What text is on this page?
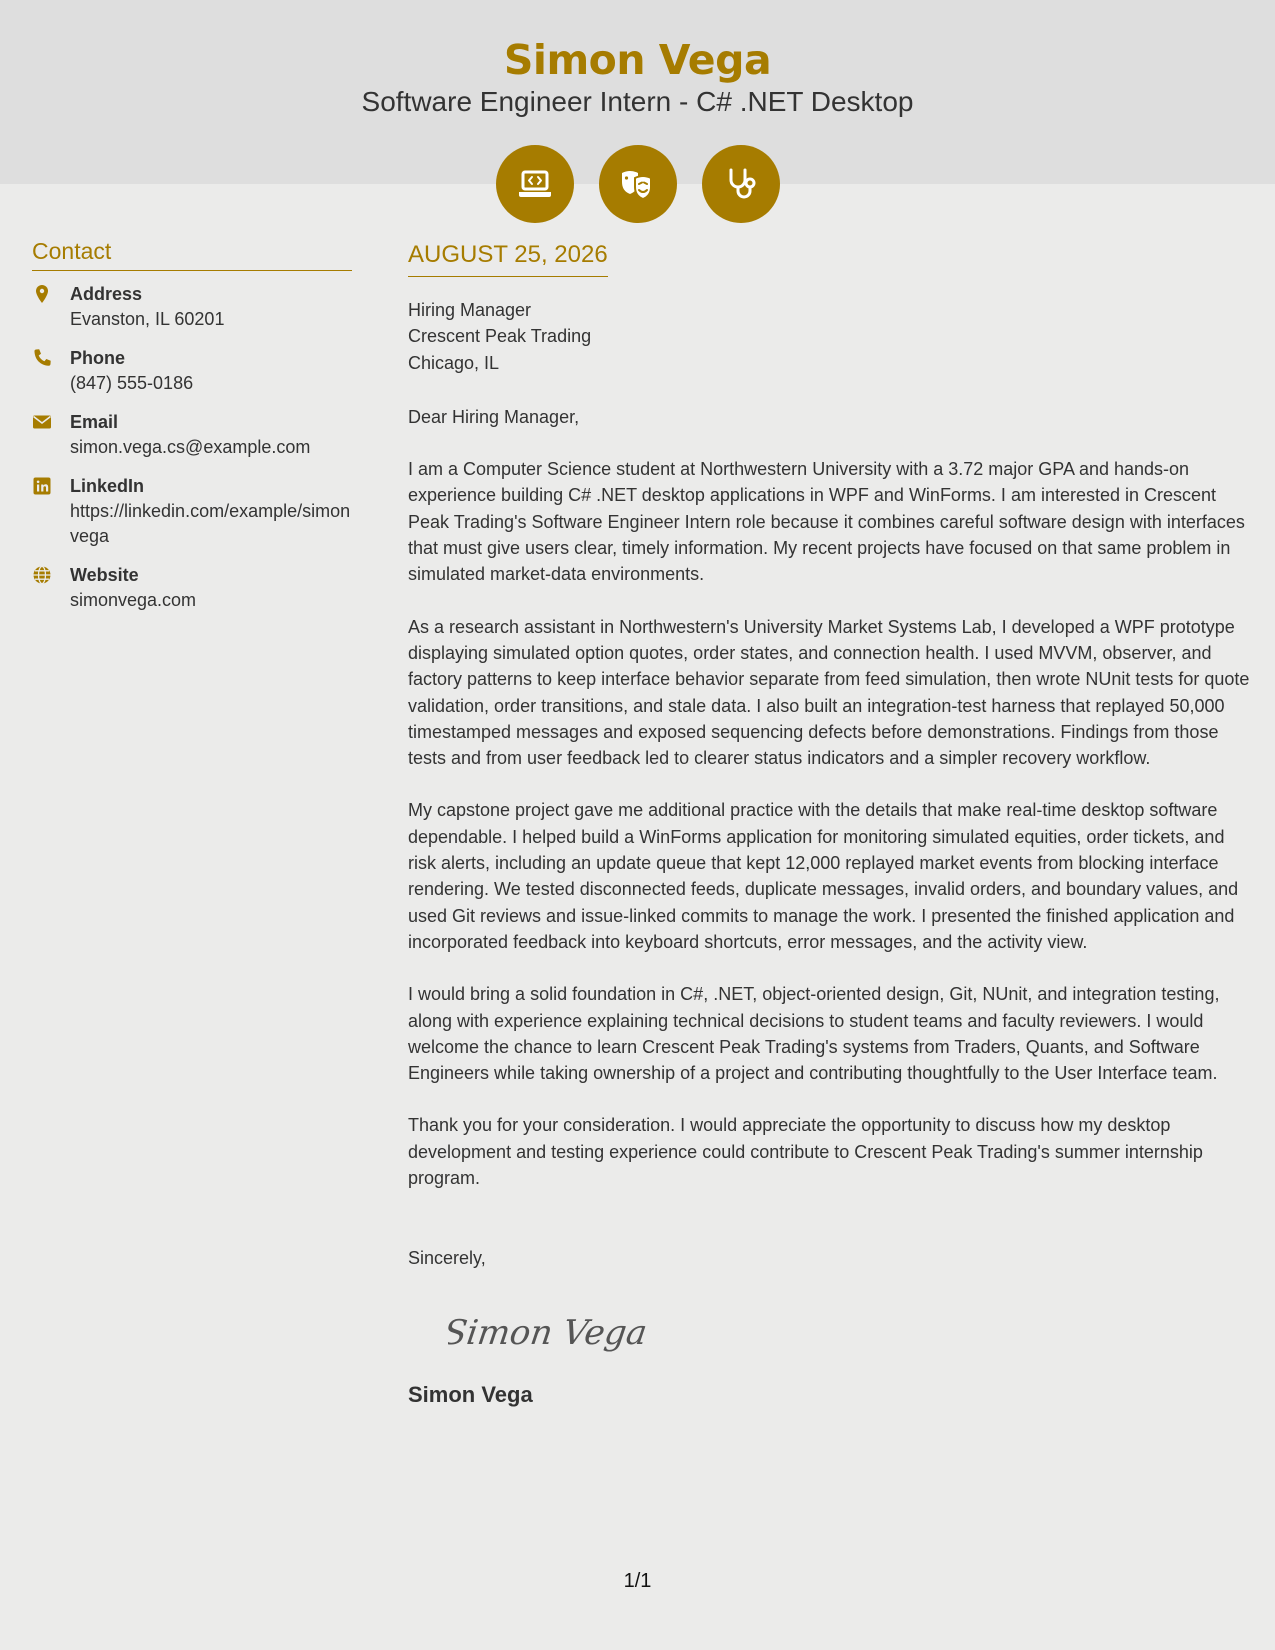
Simon Vega
Software Engineer Intern - C# .NET Desktop
Contact
Address
Evanston, IL 60201
Phone
(847) 555-0186
Email
simon.vega.cs@example.com
LinkedIn
https://linkedin.com/example/simonvega
Website
simonvega.com
AUGUST 25, 2026
Hiring Manager
Crescent Peak Trading
Chicago, IL
Dear Hiring Manager,
I am a Computer Science student at Northwestern University with a 3.72 major GPA and hands-on experience building C# .NET desktop applications in WPF and WinForms. I am interested in Crescent Peak Trading's Software Engineer Intern role because it combines careful software design with interfaces that must give users clear, timely information. My recent projects have focused on that same problem in simulated market-data environments.
As a research assistant in Northwestern's University Market Systems Lab, I developed a WPF prototype displaying simulated option quotes, order states, and connection health. I used MVVM, observer, and factory patterns to keep interface behavior separate from feed simulation, then wrote NUnit tests for quote validation, order transitions, and stale data. I also built an integration-test harness that replayed 50,000 timestamped messages and exposed sequencing defects before demonstrations. Findings from those tests and from user feedback led to clearer status indicators and a simpler recovery workflow.
My capstone project gave me additional practice with the details that make real-time desktop software dependable. I helped build a WinForms application for monitoring simulated equities, order tickets, and risk alerts, including an update queue that kept 12,000 replayed market events from blocking interface rendering. We tested disconnected feeds, duplicate messages, invalid orders, and boundary values, and used Git reviews and issue-linked commits to manage the work. I presented the finished application and incorporated feedback into keyboard shortcuts, error messages, and the activity view.
I would bring a solid foundation in C#, .NET, object-oriented design, Git, NUnit, and integration testing, along with experience explaining technical decisions to student teams and faculty reviewers. I would welcome the chance to learn Crescent Peak Trading's systems from Traders, Quants, and Software Engineers while taking ownership of a project and contributing thoughtfully to the User Interface team.
Thank you for your consideration. I would appreciate the opportunity to discuss how my desktop development and testing experience could contribute to Crescent Peak Trading's summer internship program.
Sincerely,
Simon Vega
Simon Vega
1/1
